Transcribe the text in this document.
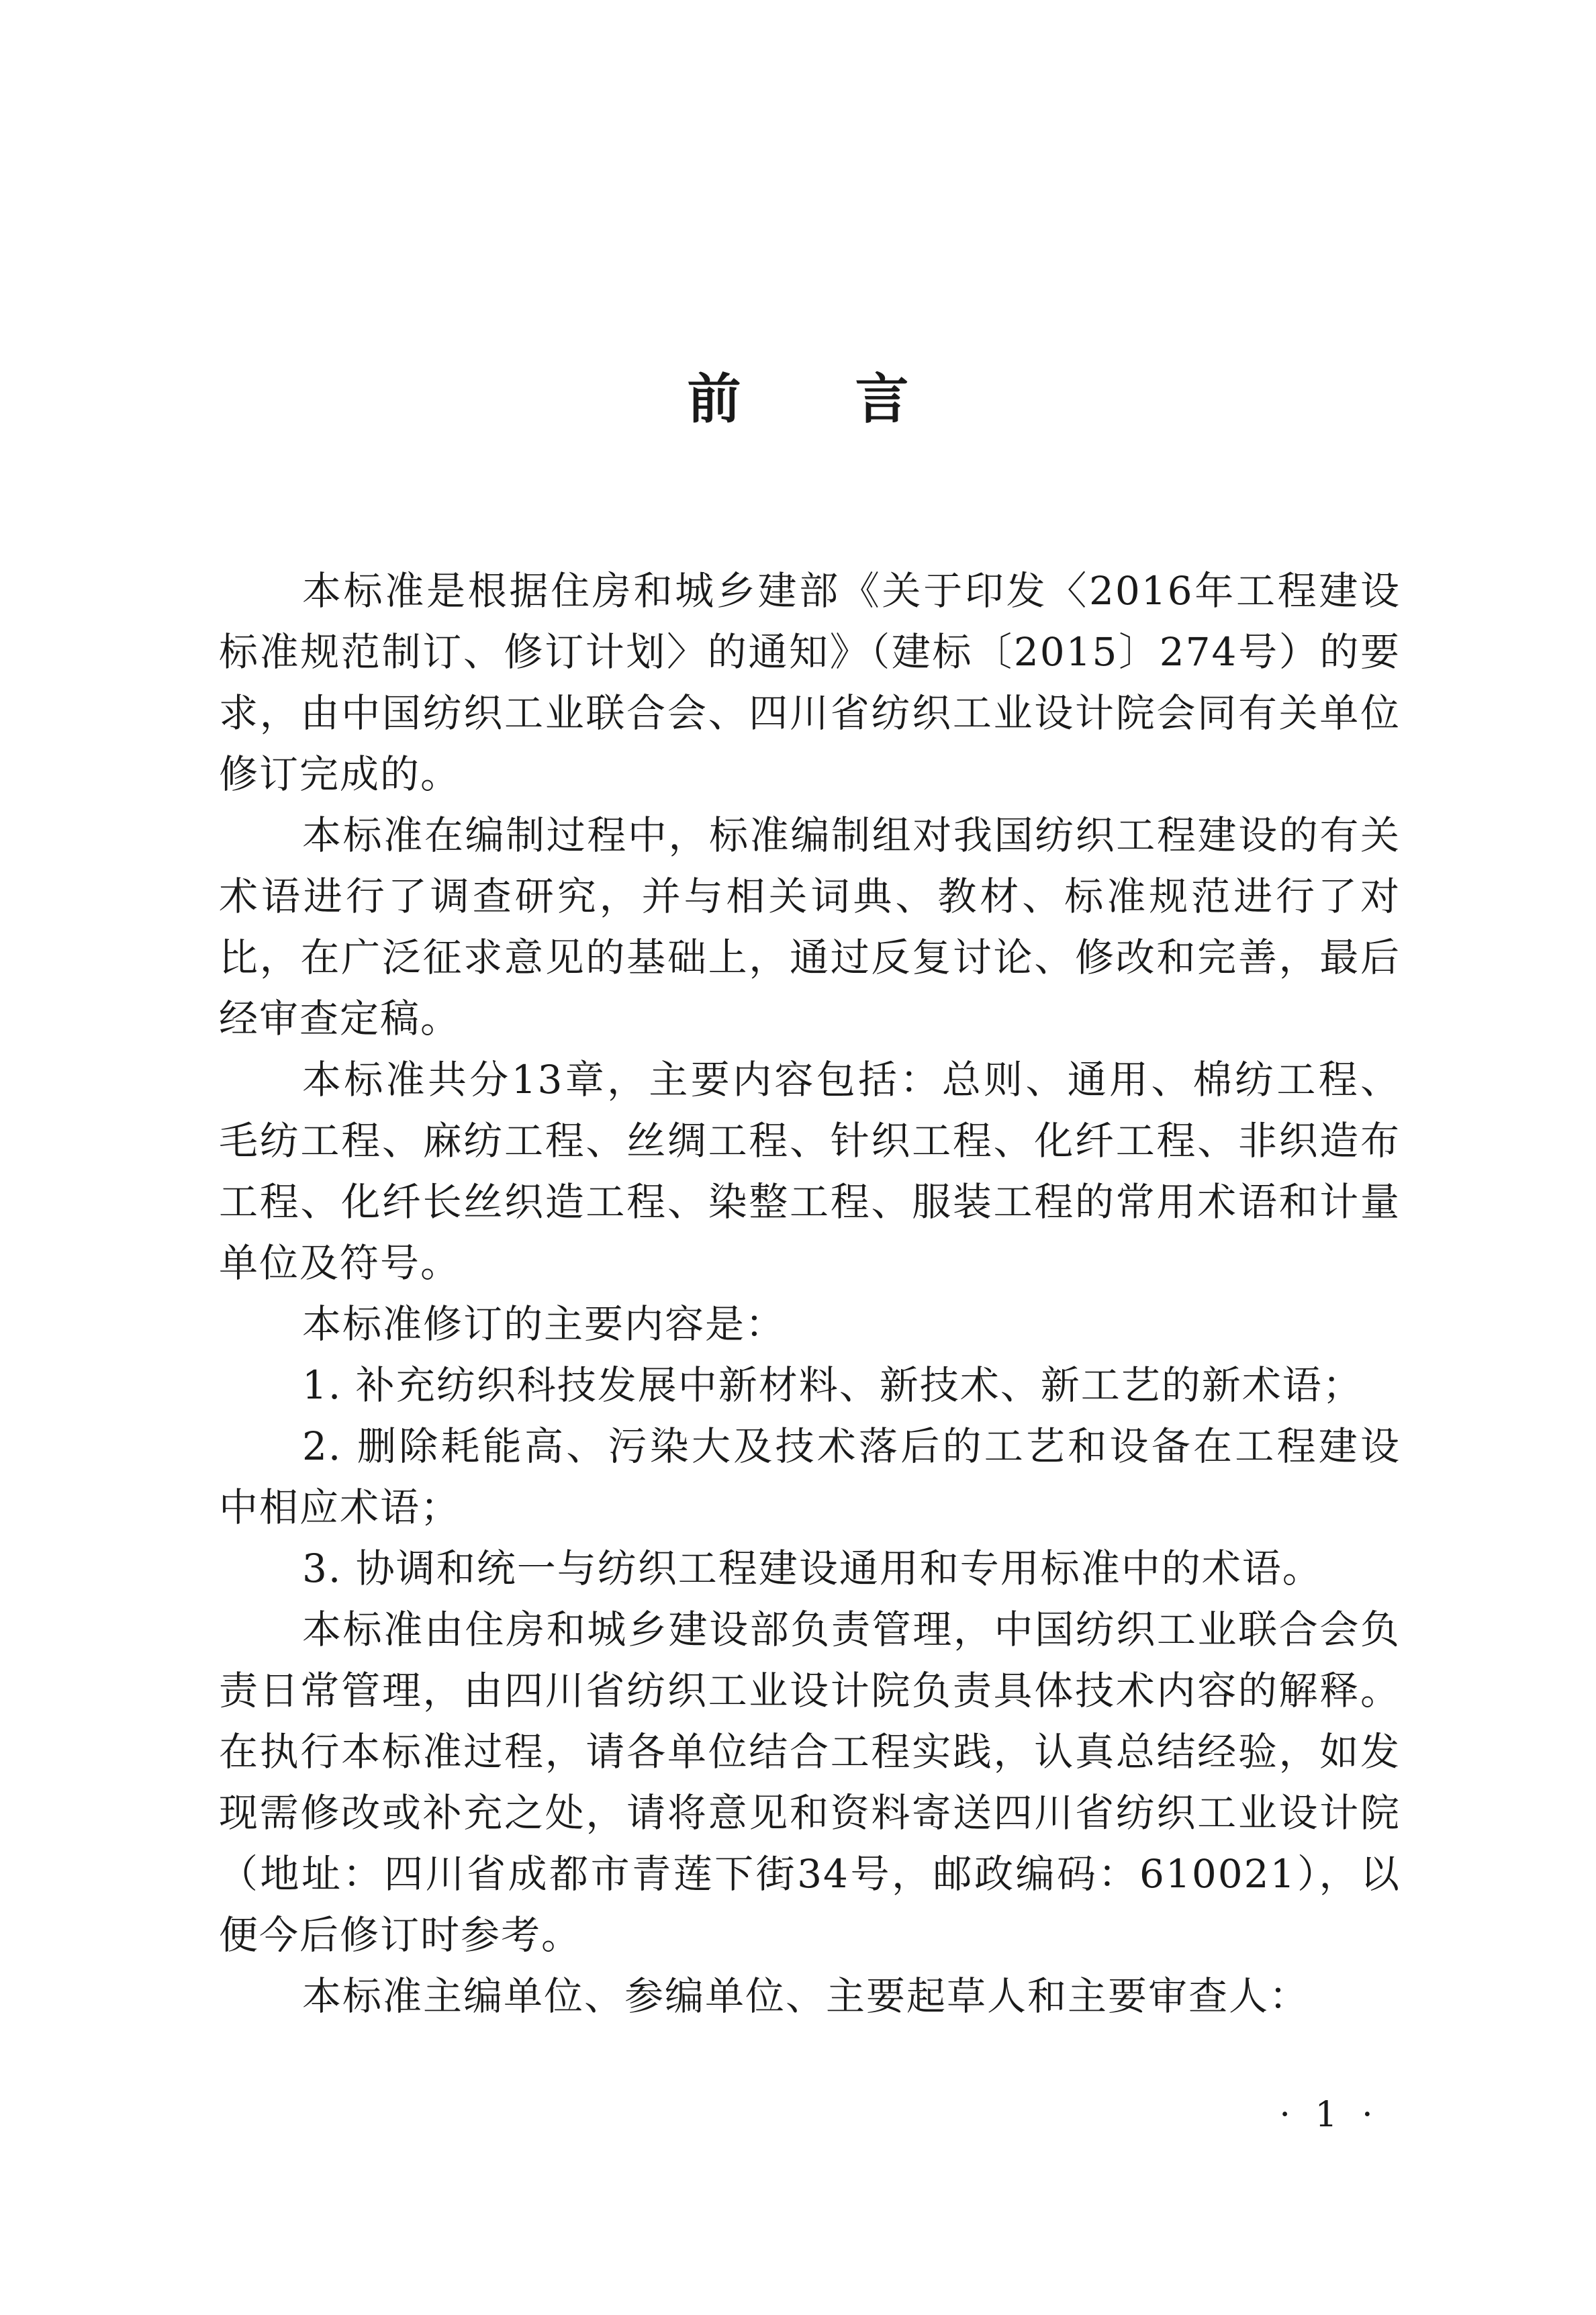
前 言

本标准是根据住房和城乡建部《关于印发〈2016年工程建设标准规范制订、修订计划〉的通知》（建标〔2015〕274号）的要求，由中国纺织工业联合会、四川省纺织工业设计院会同有关单位修订完成的。

本标准在编制过程中，标准编制组对我国纺织工程建设的有关术语进行了调查研究，并与相关词典、教材、标准规范进行了对比，在广泛征求意见的基础上，通过反复讨论、修改和完善，最后经审查定稿。

本标准共分13章，主要内容包括：总则、通用、棉纺工程、毛纺工程、麻纺工程、丝绸工程、针织工程、化纤工程、非织造布工程、化纤长丝织造工程、染整工程、服装工程的常用术语和计量单位及符号。

本标准修订的主要内容是：

1. 补充纺织科技发展中新材料、新技术、新工艺的新术语；

2. 删除耗能高、污染大及技术落后的工艺和设备在工程建设中相应术语；

3. 协调和统一与纺织工程建设通用和专用标准中的术语。

本标准由住房和城乡建设部负责管理，中国纺织工业联合会负责日常管理，由四川省纺织工业设计院负责具体技术内容的解释。在执行本标准过程，请各单位结合工程实践，认真总结经验，如发现需修改或补充之处，请将意见和资料寄送四川省纺织工业设计院（地址：四川省成都市青莲下街34号，邮政编码：610021），以便今后修订时参考。

本标准主编单位、参编单位、主要起草人和主要审查人：

· 1 ·
